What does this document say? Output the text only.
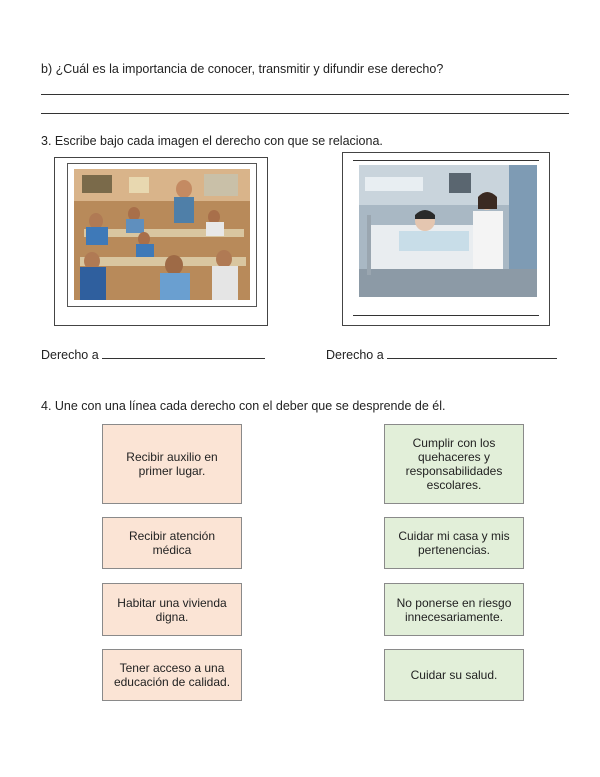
b) ¿Cuál es la importancia de conocer, transmitir y difundir ese derecho?
3. Escribe bajo cada imagen el derecho con que se relaciona.
Derecho a	Derecho a
4. Une con una línea cada derecho con el deber que se desprende de él.
Recibir auxilio en primer lugar.
Recibir atención médica
Habitar una vivienda digna.
Tener acceso a una educación de calidad.
Cumplir con los quehaceres y responsabilidades escolares.
Cuidar mi casa y mis pertenencias.
No ponerse en riesgo innecesariamente.
Cuidar su salud.
